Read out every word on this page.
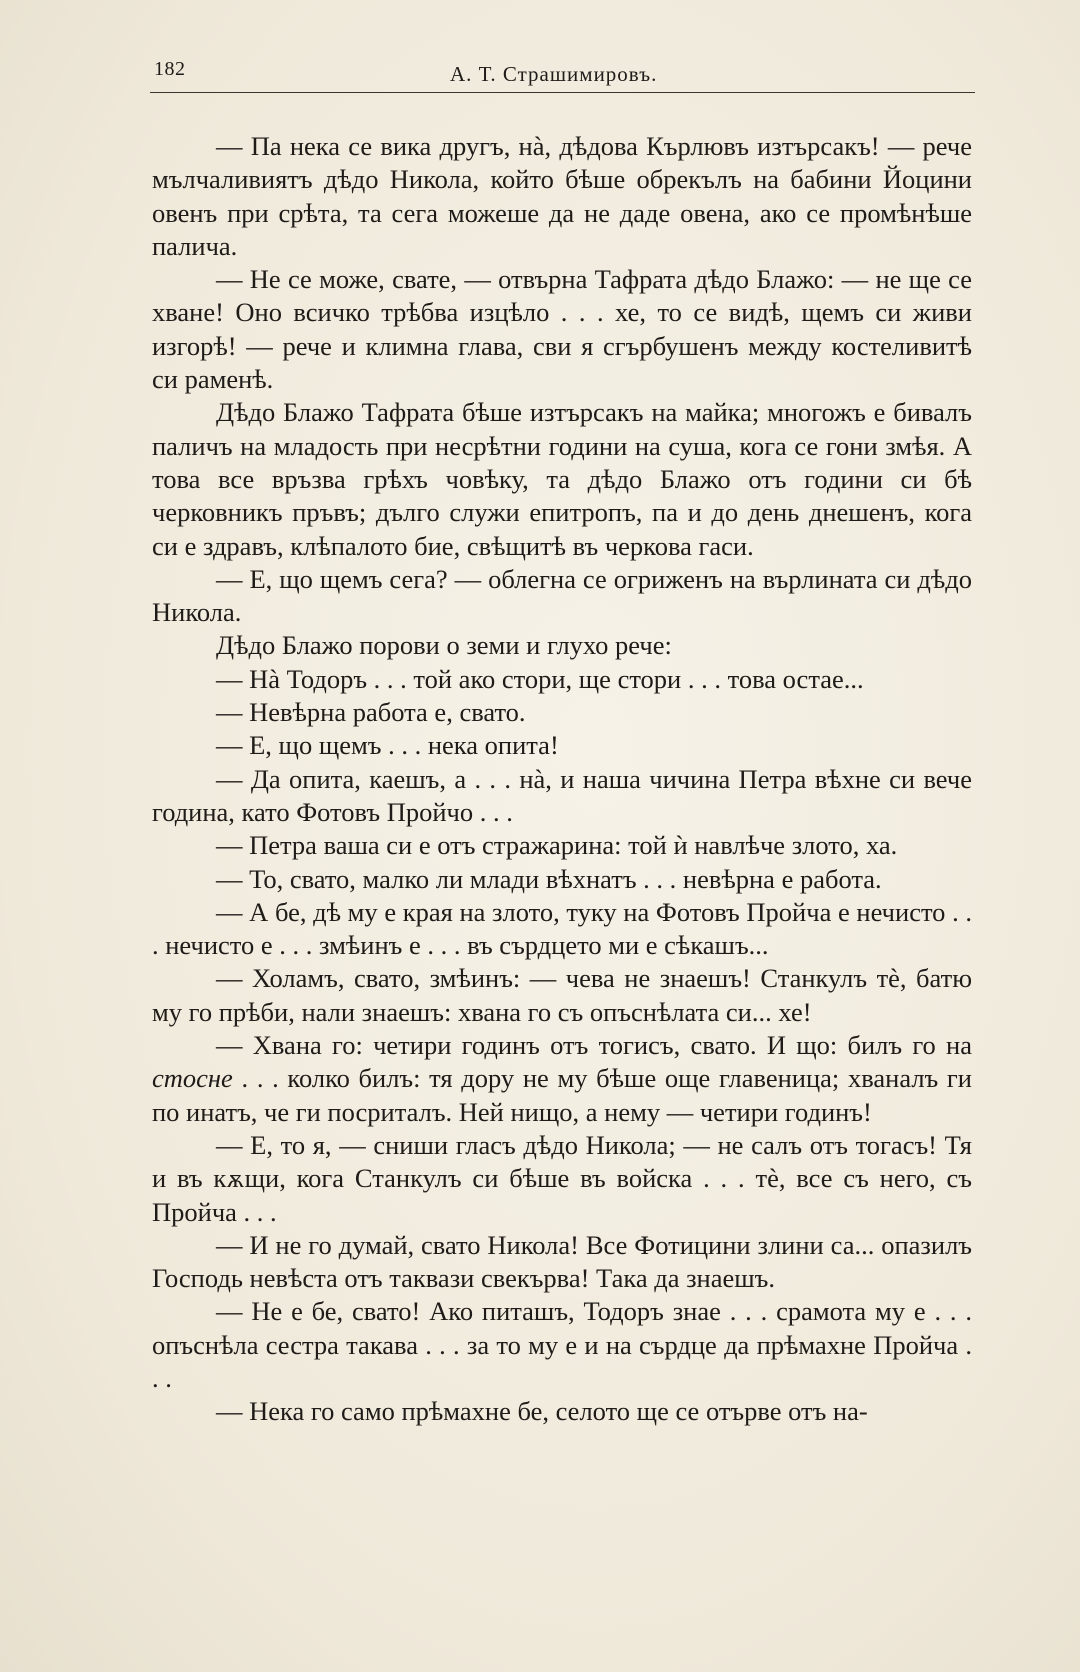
182	А. Т. Страшимировъ.

— Па нека се вика другъ, нà, дѣдова Кърлювъ изтърсакъ! — рече мълчаливиятъ дѣдо Никола, който бѣше обрекълъ на бабини Йоцини овенъ при срѣта, та сега можеше да не даде овена, ако се промѣнѣше палича.

— Не се може, свате, — отвърна Тафрата дѣдо Блажо: — не ще се хване! Оно всичко трѣбва изцѣло . . . хе, то се видѣ, щемъ си живи изгорѣ! — рече и климна глава, сви я сгърбушенъ между костеливитѣ си раменѣ.

Дѣдо Блажо Тафрата бѣше изтърсакъ на майка; многожъ е бивалъ паличъ на младость при несрѣтни години на суша, кога се гони змѣя. А това все връзва грѣхъ човѣку, та дѣдо Блажо отъ години си бѣ черковникъ пръвъ; дълго служи епитропъ, па и до день днешенъ, кога си е здравъ, клѣпалото бие, свѣщитѣ въ черкова гаси.

— Е, що щемъ сега? — облегна се огриженъ на върлината си дѣдо Никола.

Дѣдо Блажо порови о земи и глухо рече:

— Нà Тодоръ . . . той ако стори, ще стори . . . това остае...

— Невѣрна работа е, свато.

— Е, що щемъ . . . нека опита!

— Да опита, каешъ, а . . . нà, и наша чичина Петра вѣхне си вече година, като Фотовъ Пройчо . . .

— Петра ваша си е отъ стражарина: той ѝ навлѣче злото, ха.

— То, свато, малко ли млади вѣхнатъ . . . невѣрна е работа.

— А бе, дѣ му е края на злото, туку на Фотовъ Пройча е нечисто . . . нечисто е . . . змѣинъ е . . . въ сърдцето ми е сѣкашъ...

— Холамъ, свато, змѣинъ: — чева не знаешъ! Станкулъ тѐ, батю му го прѣби, нали знаешъ: хвана го съ опъснѣлата си... хе!

— Хвана го: четири годинъ отъ тогисъ, свато. И що: билъ го на стосне . . . колко билъ: тя дору не му бѣше още главеница; хваналъ ги по инатъ, че ги посриталъ. Ней нищо, а нему — четири годинъ!

— Е, то я, — сниши гласъ дѣдо Никола; — не салъ отъ тогасъ! Тя и въ кѫщи, кога Станкулъ си бѣше въ войска . . . тѐ, все съ него, съ Пройча . . .

— И не го думай, свато Никола! Все Фотицини злини са... опазилъ Господь невѣста отъ таквази свекърва! Така да знаешъ.

— Не е бе, свато! Ако питашъ, Тодоръ знае . . . срамота му е . . . опъснѣла сестра такава . . . за то му е и на сърдце да прѣмахне Пройча . . .

— Нека го само прѣмахне бе, селото ще се отърве отъ на-
